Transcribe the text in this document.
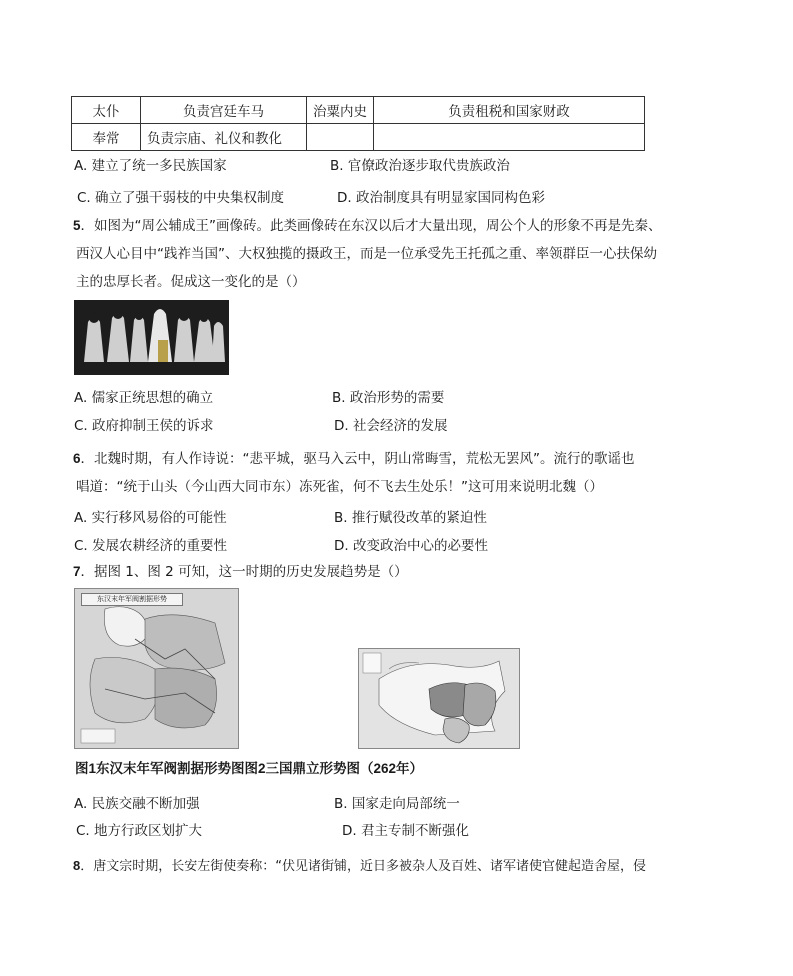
太仆	负责宫廷车马	治粟内史	负责租税和国家财政
奉常	负责宗庙、礼仪和教化		
A. 建立了统一多民族国家	B. 官僚政治逐步取代贵族政治
C. 确立了强干弱枝的中央集权制度	D. 政治制度具有明显家国同构色彩
5．如图为“周公辅成王”画像砖。此类画像砖在东汉以后才大量出现，周公个人的形象不再是先秦、
西汉人心目中“践祚当国”、大权独揽的摄政王，而是一位承受先王托孤之重、率领群臣一心扶保幼
主的忠厚长者。促成这一变化的是（）
A. 儒家正统思想的确立	B. 政治形势的需要
C. 政府抑制王侯的诉求	D. 社会经济的发展
6．北魏时期，有人作诗说：“悲平城，驱马入云中，阴山常晦雪，荒松无罢风”。流行的歌谣也
唱道：“统于山头（今山西大同市东）冻死雀，何不飞去生处乐！”这可用来说明北魏（）
A. 实行移风易俗的可能性	B. 推行赋役改革的紧迫性
C. 发展农耕经济的重要性	D. 改变政治中心的必要性
7．据图 1、图 2 可知，这一时期的历史发展趋势是（）
东汉末年军阀割据形势
图1东汉末年军阀割据形势图图2三国鼎立形势图（262年）
A. 民族交融不断加强	B. 国家走向局部统一
C. 地方行政区划扩大	D. 君主专制不断强化
8．唐文宗时期，长安左街使奏称：“伏见诸街铺，近日多被杂人及百姓、诸军诸使官健起造舍屋，侵
